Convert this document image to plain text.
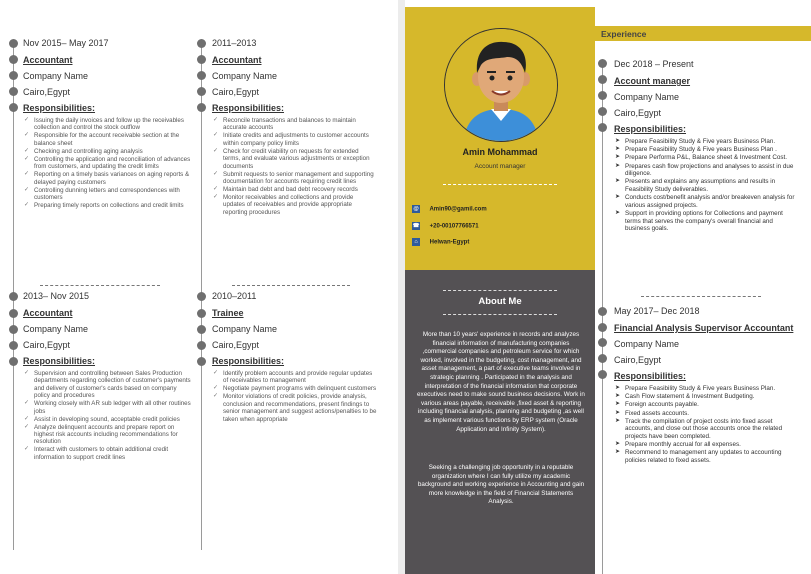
Nov 2015– May 2017
Accountant
Company Name
Cairo,Egypt
Responsibilities:
✓ Issuing the daily invoices and follow up the receivables collection and control the stock outflow
✓ Responsible for the account receivable section at the balance sheet
✓ Checking and controlling aging analysis
✓ Controlling the application and reconciliation of advances from customers, and updating the credit limits
✓ Reporting on a timely basis variances on aging reports & delayed paying customers
✓ Controlling dunning letters and correspondences with customers
✓ Preparing timely reports on collections and credit limits
2011–2013
Accountant
Company Name
Cairo,Egypt
Responsibilities:
✓ Reconcile transactions and balances to maintain accurate accounts
✓ Initiate credits and adjustments to customer accounts within company policy limits
✓ Check for credit viability on requests for extended terms, and evaluate various adjustments or exception documents
✓ Submit requests to senior management and supporting documentation for accounts requiring credit lines
✓ Maintain bad debt and bad debt recovery records
✓ Monitor receivables and collections and provide updates of receivables and provide appropriate reporting procedures
2013– Nov 2015
Accountant
Company Name
Cairo,Egypt
Responsibilities:
✓ Supervision and controlling between Sales Production departments regarding collection of customer's payments and delivery of customer's cards based on company policy and procedures
✓ Working closely with AR sub ledger with all other routines jobs
✓ Assist in developing sound, acceptable credit policies
✓ Analyze delinquent accounts and prepare report on highest risk accounts including recommendations for resolution
✓ Interact with customers to obtain additional credit information to support credit lines
2010–2011
Trainee
Company Name
Cairo,Egypt
Responsibilities:
✓ Identify problem accounts and provide regular updates of receivables to management
✓ Negotiate payment programs with delinquent customers
✓ Monitor violations of credit policies, provide analysis, conclusion and recommendations, present findings to senior management and suggest actions/penalties to be taken when appropriate
Amin Mohammad
Account manager
@ Amin90@gamil.com
☎ +20-00107766571
⌂ Helwan-Egypt
About Me
More than 10 years' experience in records and analyzes financial information of manufacturing companies ,commercial companies and petroleum service for which worked, involved in the budgeting, cost management, and asset management, a part of executive teams involved in strategic planning . Participated in the analysis and interpretation of the financial information that corporate executives need to make sound business decisions. Work in various areas payable, receivable ,fixed asset & reporting including financial analysis, planning and budgeting ,as well as implement various functions by ERP system (Oracle Application and Infinity System).
Seeking a challenging job opportunity in a reputable organization where I can fully utilize my academic background and working experience in Accounting and gain more knowledge in the field of Financial Statements Analysis.
Experience
Dec 2018 – Present
Account manager
Company Name
Cairo,Egypt
Responsibilities:
➤ Prepare Feasibility Study & Five years Business Plan.
➤ Prepare Feasibility Study & Five years Business Plan .
➤ Prepare Performa P&L, Balance sheet & Investment Cost.
➤ Prepares cash flow projections and analyses to assist in due diligence.
➤ Presents and explains any assumptions and results in Feasibility Study deliverables.
➤ Conducts cost/benefit analysis and/or breakeven analysis for various assigned projects.
➤ Support in providing options for Collections and payment terms that serves the company's overall financial and business goals.
May 2017– Dec 2018
Financial Analysis Supervisor Accountant
Company Name
Cairo,Egypt
Responsibilities:
➤ Prepare Feasibility Study & Five years Business Plan.
➤ Cash Flow statement & Investment Budgeting.
➤ Foreign accounts payable.
➤ Fixed assets accounts.
➤ Track the compilation of project costs into fixed asset accounts, and close out those accounts once the related projects have been completed.
➤ Prepare monthly accrual for all expenses.
➤ Recommend to management any updates to accounting policies related to fixed assets.
